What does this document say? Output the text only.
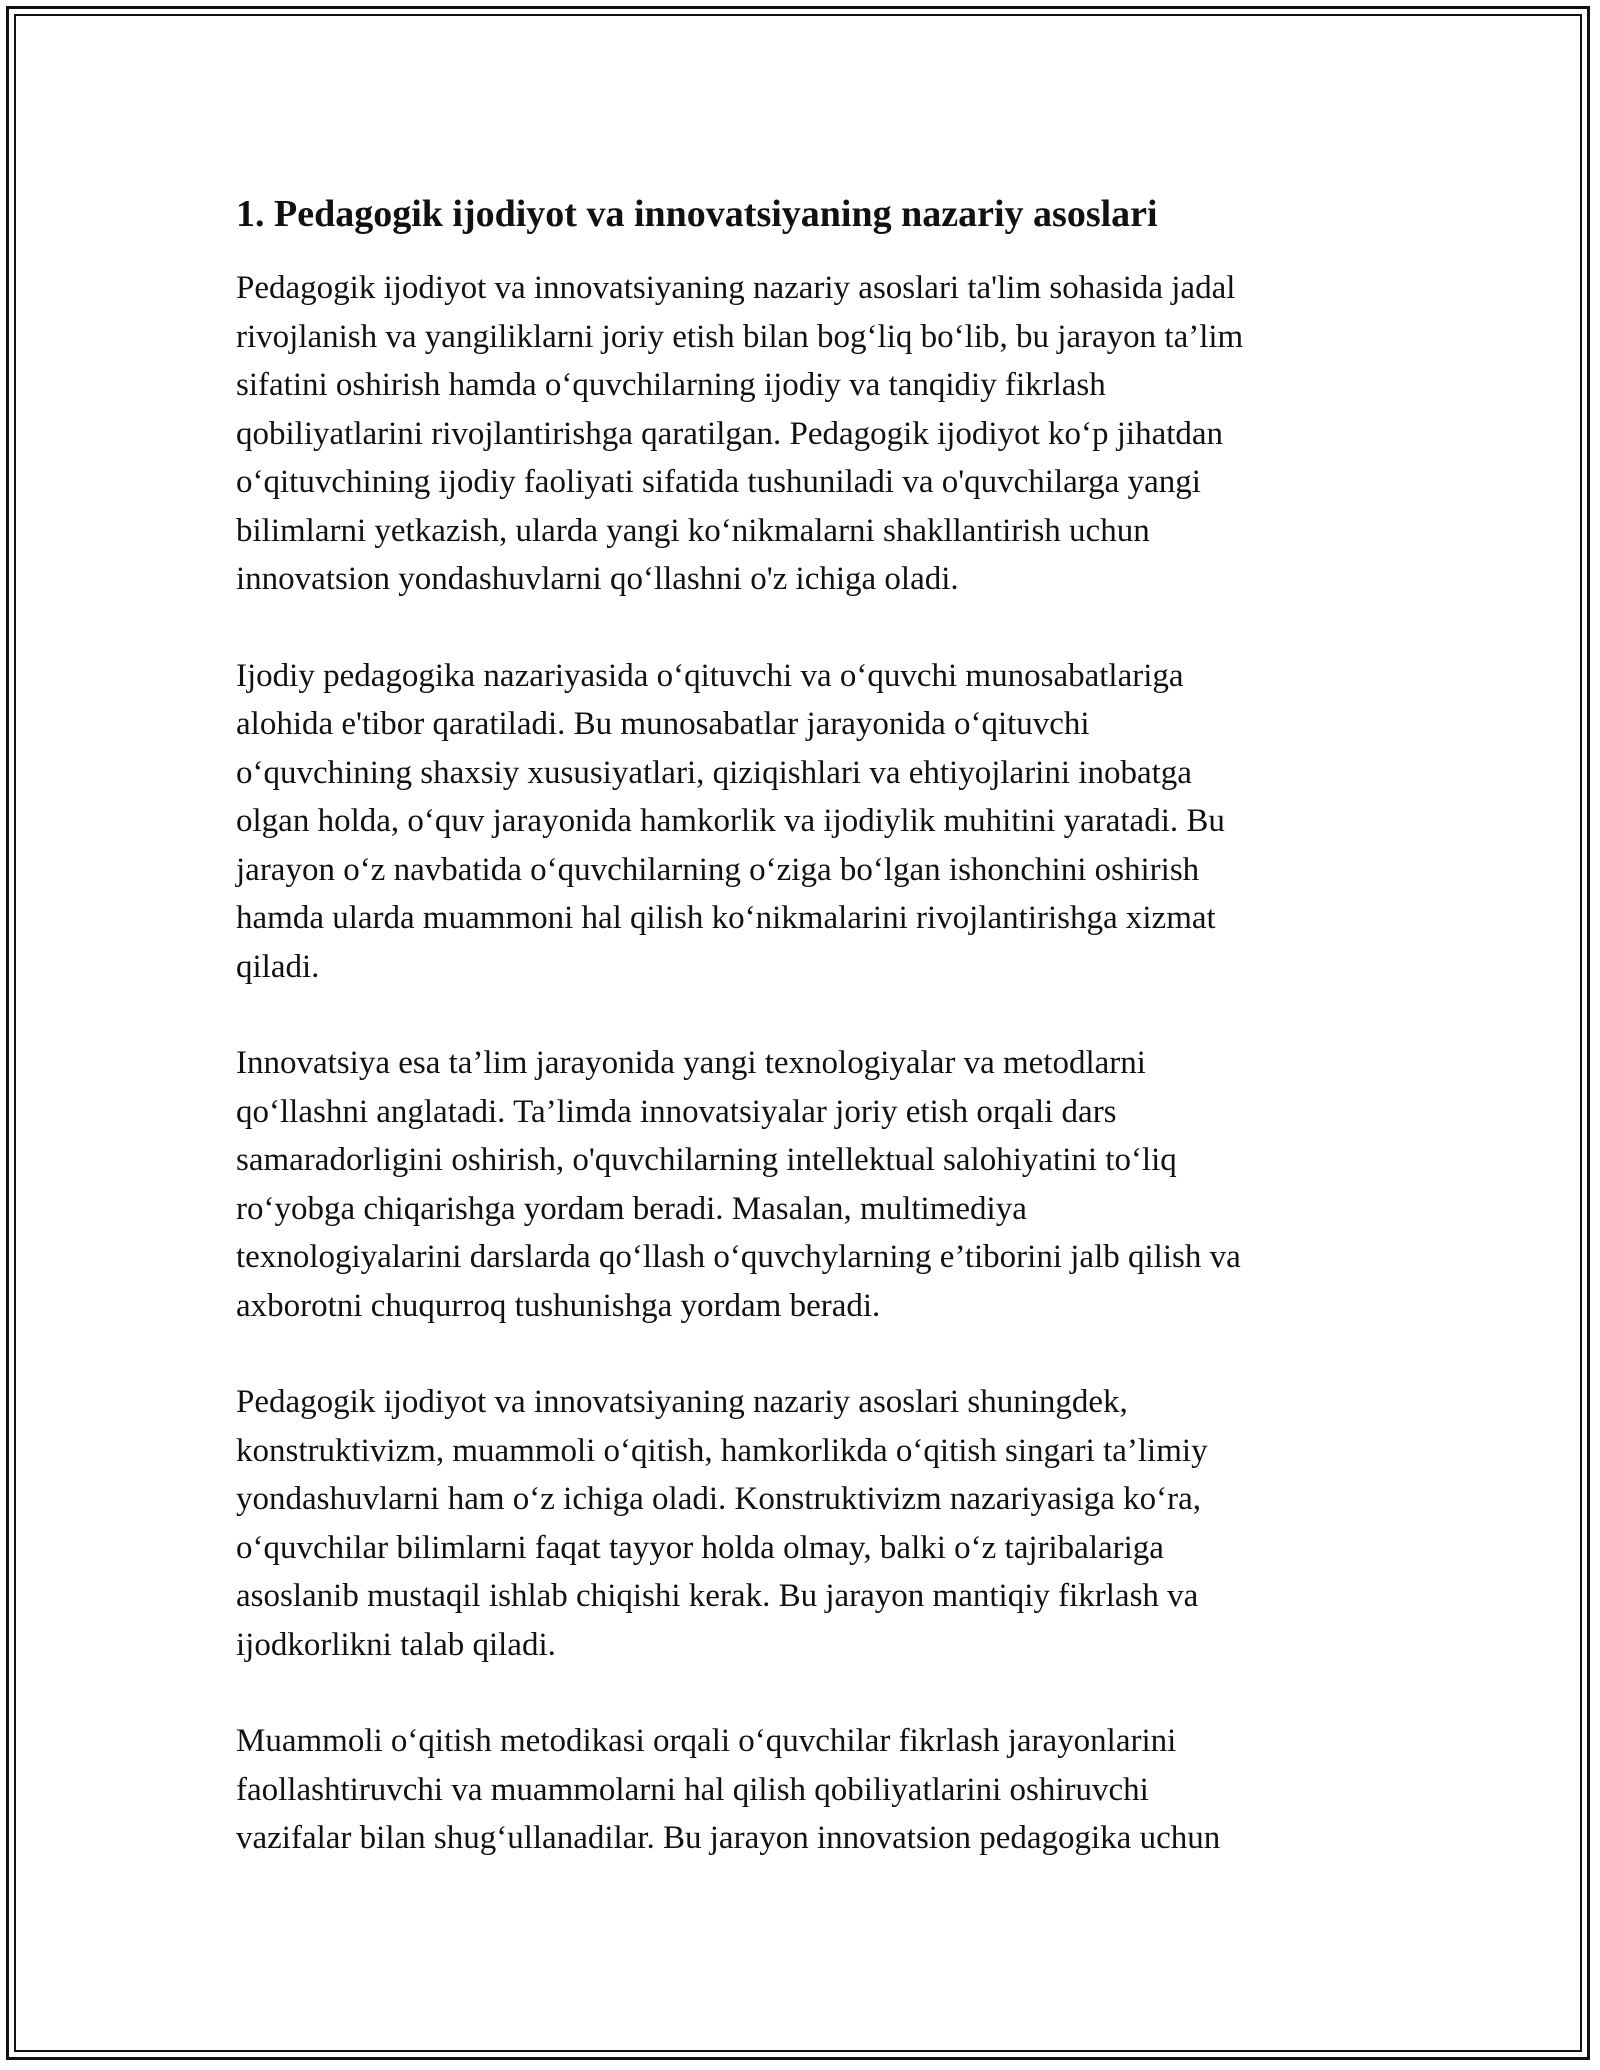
1. Pedagogik ijodiyot va innovatsiyaning nazariy asoslari

Pedagogik ijodiyot va innovatsiyaning nazariy asoslari ta'lim sohasida jadal
rivojlanish va yangiliklarni joriy etish bilan bog‘liq bo‘lib, bu jarayon ta’lim
sifatini oshirish hamda o‘quvchilarning ijodiy va tanqidiy fikrlash
qobiliyatlarini rivojlantirishga qaratilgan. Pedagogik ijodiyot ko‘p jihatdan
o‘qituvchining ijodiy faoliyati sifatida tushuniladi va o'quvchilarga yangi
bilimlarni yetkazish, ularda yangi ko‘nikmalarni shakllantirish uchun
innovatsion yondashuvlarni qo‘llashni o'z ichiga oladi.

Ijodiy pedagogika nazariyasida o‘qituvchi va o‘quvchi munosabatlariga
alohida e'tibor qaratiladi. Bu munosabatlar jarayonida o‘qituvchi
o‘quvchining shaxsiy xususiyatlari, qiziqishlari va ehtiyojlarini inobatga
olgan holda, o‘quv jarayonida hamkorlik va ijodiylik muhitini yaratadi. Bu
jarayon o‘z navbatida o‘quvchilarning o‘ziga bo‘lgan ishonchini oshirish
hamda ularda muammoni hal qilish ko‘nikmalarini rivojlantirishga xizmat
qiladi.

Innovatsiya esa ta’lim jarayonida yangi texnologiyalar va metodlarni
qo‘llashni anglatadi. Ta’limda innovatsiyalar joriy etish orqali dars
samaradorligini oshirish, o'quvchilarning intellektual salohiyatini to‘liq
ro‘yobga chiqarishga yordam beradi. Masalan, multimediya
texnologiyalarini darslarda qo‘llash o‘quvchylarning e’tiborini jalb qilish va
axborotni chuqurroq tushunishga yordam beradi.

Pedagogik ijodiyot va innovatsiyaning nazariy asoslari shuningdek,
konstruktivizm, muammoli o‘qitish, hamkorlikda o‘qitish singari ta’limiy
yondashuvlarni ham o‘z ichiga oladi. Konstruktivizm nazariyasiga ko‘ra,
o‘quvchilar bilimlarni faqat tayyor holda olmay, balki o‘z tajribalariga
asoslanib mustaqil ishlab chiqishi kerak. Bu jarayon mantiqiy fikrlash va
ijodkorlikni talab qiladi.

Muammoli o‘qitish metodikasi orqali o‘quvchilar fikrlash jarayonlarini
faollashtiruvchi va muammolarni hal qilish qobiliyatlarini oshiruvchi
vazifalar bilan shug‘ullanadilar. Bu jarayon innovatsion pedagogika uchun
